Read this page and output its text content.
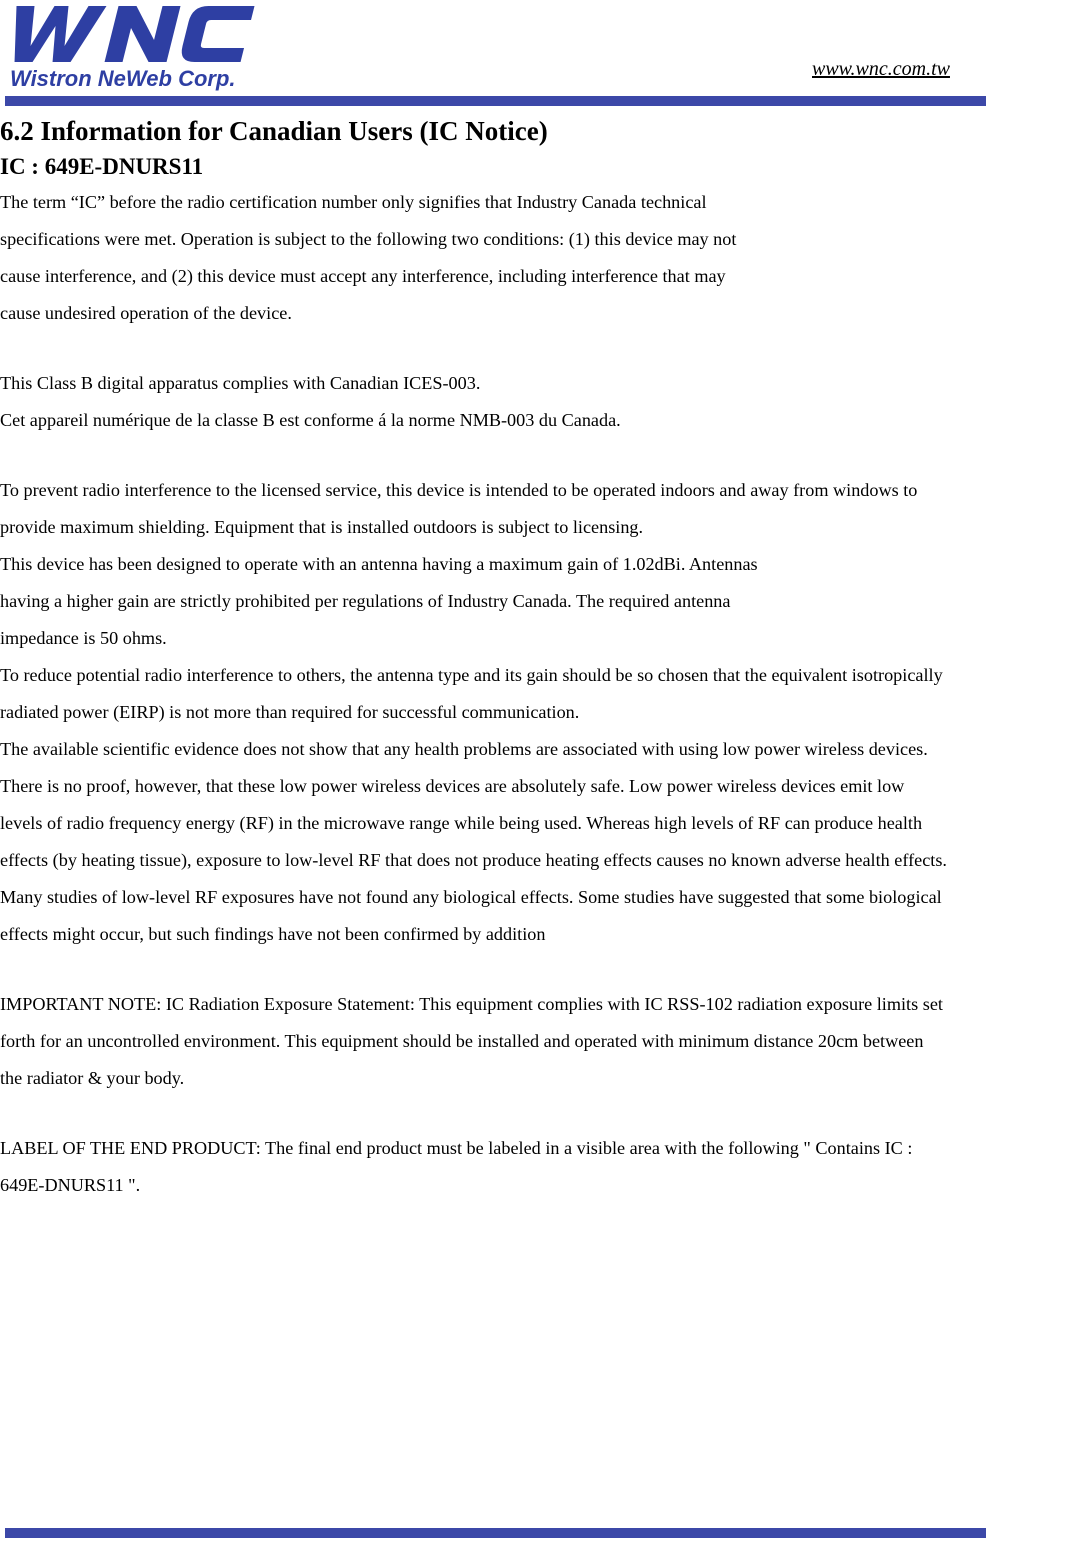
Wistron NeWeb Corp.	www.wnc.com.tw
6.2 Information for Canadian Users (IC Notice)
IC : 649E-DNURS11

The term “IC” before the radio certification number only signifies that Industry Canada technical

specifications were met. Operation is subject to the following two conditions: (1) this device may not

cause interference, and (2) this device must accept any interference, including interference that may

cause undesired operation of the device.

This Class B digital apparatus complies with Canadian ICES-003.

Cet appareil numérique de la classe B est conforme á la norme NMB-003 du Canada.

To prevent radio interference to the licensed service, this device is intended to be operated indoors and away from windows to

provide maximum shielding. Equipment that is installed outdoors is subject to licensing.

This device has been designed to operate with an antenna having a maximum gain of 1.02dBi. Antennas

having a higher gain are strictly prohibited per regulations of Industry Canada. The required antenna

impedance is 50 ohms.

To reduce potential radio interference to others, the antenna type and its gain should be so chosen that the equivalent isotropically

radiated power (EIRP) is not more than required for successful communication.

The available scientific evidence does not show that any health problems are associated with using low power wireless devices.

There is no proof, however, that these low power wireless devices are absolutely safe. Low power wireless devices emit low

levels of radio frequency energy (RF) in the microwave range while being used. Whereas high levels of RF can produce health

effects (by heating tissue), exposure to low-level RF that does not produce heating effects causes no known adverse health effects.

Many studies of low-level RF exposures have not found any biological effects. Some studies have suggested that some biological

effects might occur, but such findings have not been confirmed by addition

IMPORTANT NOTE: IC Radiation Exposure Statement: This equipment complies with IC RSS-102 radiation exposure limits set

forth for an uncontrolled environment. This equipment should be installed and operated with minimum distance 20cm between

the radiator & your body.

LABEL OF THE END PRODUCT: The final end product must be labeled in a visible area with the following " Contains IC :

649E-DNURS11 ".
